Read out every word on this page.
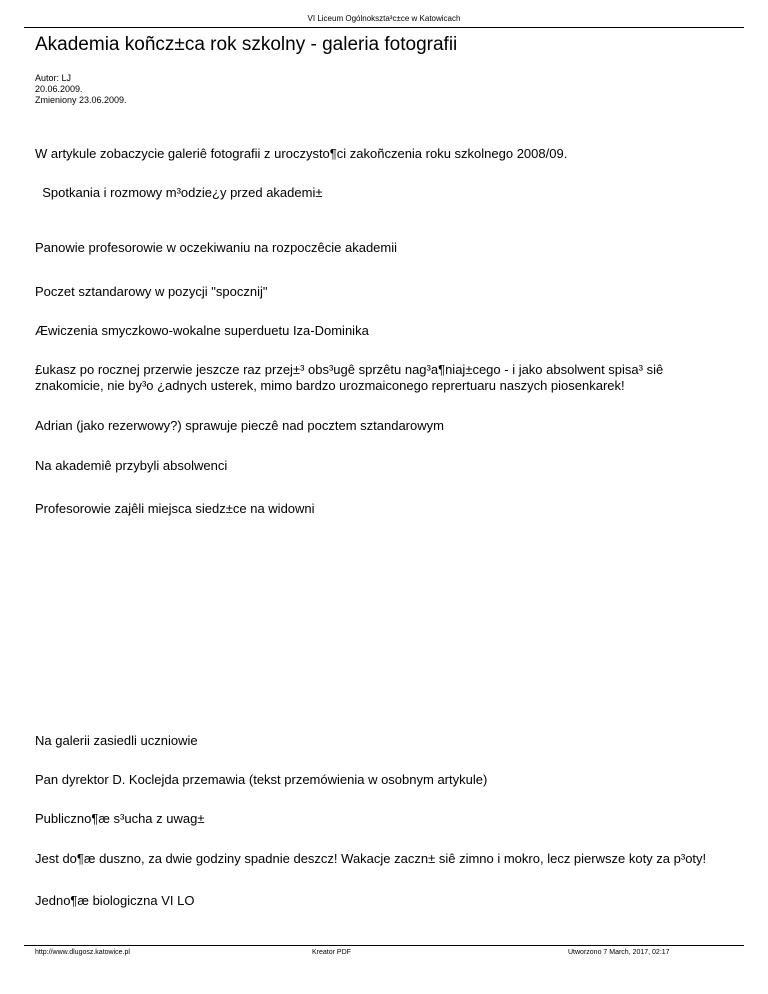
VI Liceum Ogólnokszta³c±ce w Katowicach
Akademia koñcz±ca rok szkolny - galeria fotografii
Autor: LJ
20.06.2009.
Zmieniony 23.06.2009.

W artykule zobaczycie galeriê fotografii z uroczysto¶ci zakoñczenia roku szkolnego 2008/09.

Spotkania i rozmowy m³odzie¿y przed akademi±

Panowie profesorowie w oczekiwaniu na rozpoczêcie akademii

Poczet sztandarowy w pozycji "spocznij"

Æwiczenia smyczkowo-wokalne superduetu Iza-Dominika

£ukasz po rocznej przerwie jeszcze raz przej±³ obs³ugê sprzêtu nag³a¶niaj±cego - i jako absolwent spisa³ siê znakomicie, nie by³o ¿adnych usterek, mimo bardzo urozmaiconego reprertuaru naszych piosenkarek!

Adrian (jako rezerwowy?) sprawuje pieczê nad pocztem sztandarowym

Na akademiê przybyli absolwenci

Profesorowie zajêli miejsca siedz±ce na widowni

Na galerii zasiedli uczniowie

Pan dyrektor D. Koclejda przemawia (tekst przemówienia w osobnym artykule)

Publiczno¶æ s³ucha z uwag±

Jest do¶æ duszno, za dwie godziny spadnie deszcz! Wakacje zaczn± siê zimno i mokro, lecz pierwsze koty za p³oty!

Jedno¶æ biologiczna VI LO

http://www.dlugosz.katowice.pl	Kreator PDF	Utworzono 7 March, 2017, 02:17
